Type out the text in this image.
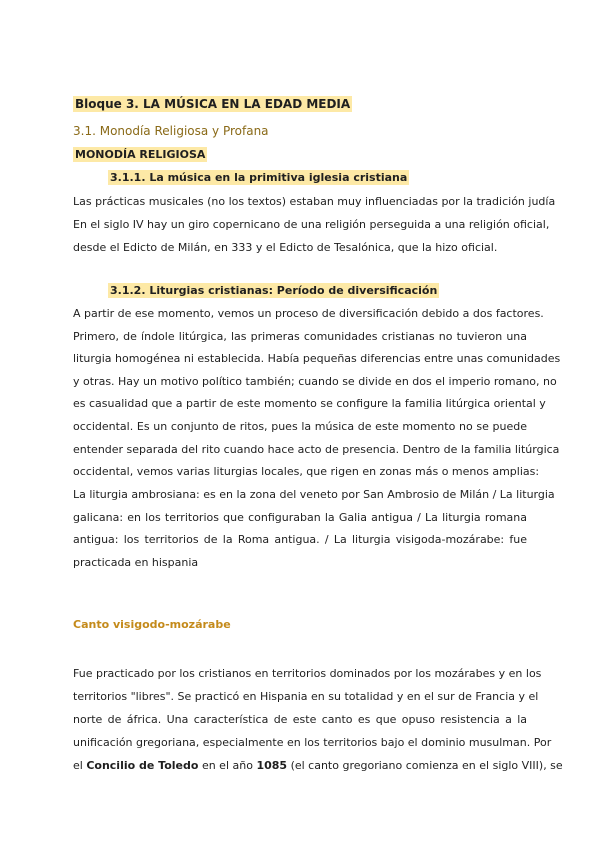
Bloque 3. LA MÚSICA EN LA EDAD MEDIA
3.1. Monodía Religiosa y Profana
MONODÍA RELIGIOSA
3.1.1. La música en la primitiva iglesia cristiana
Las prácticas musicales (no los textos) estaban muy influenciadas por la tradición judía
En el siglo IV hay un giro copernicano de una religión perseguida a una religión oficial,
desde el Edicto de Milán, en 333 y el Edicto de Tesalónica, que la hizo oficial.
3.1.2. Liturgias cristianas: Período de diversificación
A partir de ese momento, vemos un proceso de diversificación debido a dos factores.
Primero, de índole litúrgica, las primeras comunidades cristianas no tuvieron una
liturgia homogénea ni establecida. Había pequeñas diferencias entre unas comunidades
y otras. Hay un motivo político también; cuando se divide en dos el imperio romano, no
es casualidad que a partir de este momento se configure la familia litúrgica oriental y
occidental. Es un conjunto de ritos, pues la música de este momento no se puede
entender separada del rito cuando hace acto de presencia. Dentro de la familia litúrgica
occidental, vemos varias liturgias locales, que rigen en zonas más o menos amplias:
La liturgia ambrosiana: es en la zona del veneto por San Ambrosio de Milán / La liturgia
galicana: en los territorios que configuraban la Galia antigua / La liturgia romana
antigua: los territorios de la Roma antigua. / La liturgia visigoda-mozárabe: fue
practicada en hispania
Canto visigodo-mozárabe
Fue practicado por los cristianos en territorios dominados por los mozárabes y en los
territorios "libres". Se practicó en Hispania en su totalidad y en el sur de Francia y el
norte de áfrica. Una característica de este canto es que opuso resistencia a la
unificación gregoriana, especialmente en los territorios bajo el dominio musulman. Por
el Concilio de Toledo en el año 1085 (el canto gregoriano comienza en el siglo VIII), se
